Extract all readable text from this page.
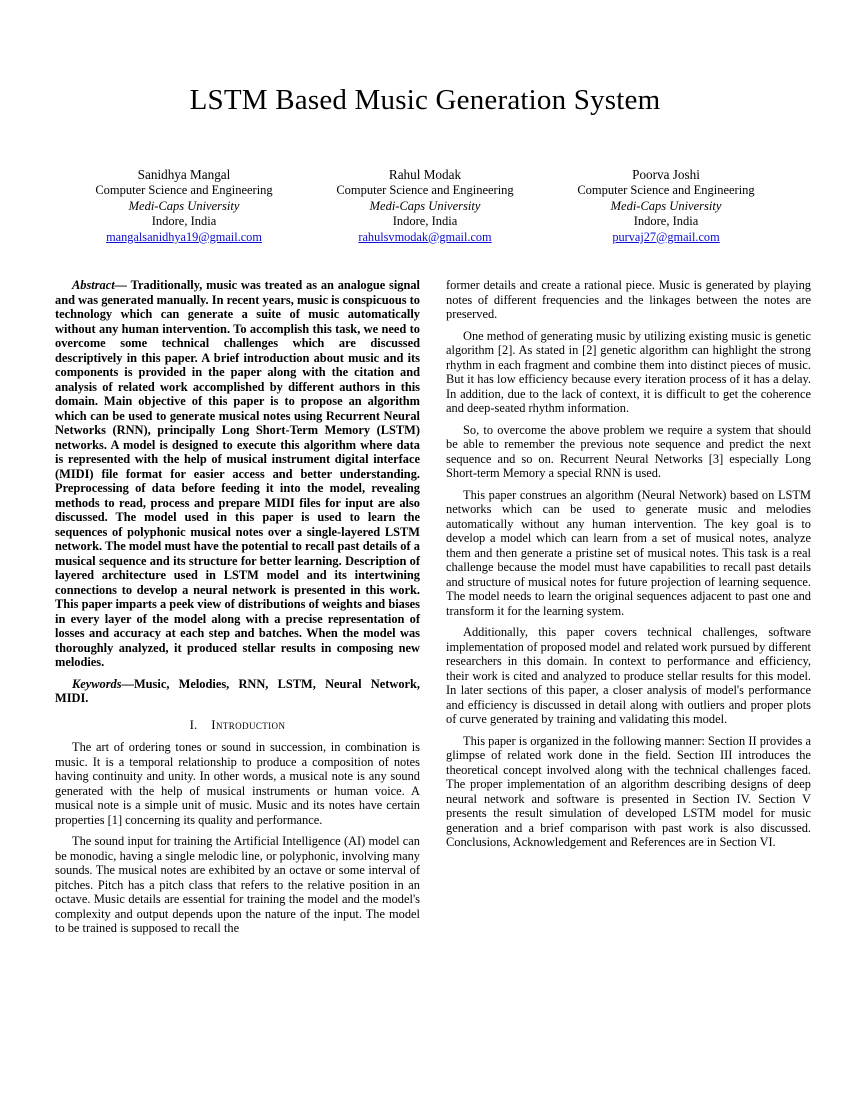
LSTM Based Music Generation System
Sanidhya Mangal
Computer Science and Engineering
Medi-Caps University
Indore, India
mangalsanidhya19@gmail.com
Rahul Modak
Computer Science and Engineering
Medi-Caps University
Indore, India
rahulsvmodak@gmail.com
Poorva Joshi
Computer Science and Engineering
Medi-Caps University
Indore, India
purvaj27@gmail.com

Abstract— Traditionally, music was treated as an analogue signal and was generated manually. In recent years, music is conspicuous to technology which can generate a suite of music automatically without any human intervention. To accomplish this task, we need to overcome some technical challenges which are discussed descriptively in this paper. A brief introduction about music and its components is provided in the paper along with the citation and analysis of related work accomplished by different authors in this domain. Main objective of this paper is to propose an algorithm which can be used to generate musical notes using Recurrent Neural Networks (RNN), principally Long Short-Term Memory (LSTM) networks. A model is designed to execute this algorithm where data is represented with the help of musical instrument digital interface (MIDI) file format for easier access and better understanding. Preprocessing of data before feeding it into the model, revealing methods to read, process and prepare MIDI files for input are also discussed. The model used in this paper is used to learn the sequences of polyphonic musical notes over a single-layered LSTM network. The model must have the potential to recall past details of a musical sequence and its structure for better learning. Description of layered architecture used in LSTM model and its intertwining connections to develop a neural network is presented in this work. This paper imparts a peek view of distributions of weights and biases in every layer of the model along with a precise representation of losses and accuracy at each step and batches. When the model was thoroughly analyzed, it produced stellar results in composing new melodies.

Keywords—Music, Melodies, RNN, LSTM, Neural Network, MIDI.

I. Introduction

The art of ordering tones or sound in succession, in combination is music. It is a temporal relationship to produce a composition of notes having continuity and unity. In other words, a musical note is any sound generated with the help of musical instruments or human voice. A musical note is a simple unit of music. Music and its notes have certain properties [1] concerning its quality and performance.

The sound input for training the Artificial Intelligence (AI) model can be monodic, having a single melodic line, or polyphonic, involving many sounds. The musical notes are exhibited by an octave or some interval of pitches. Pitch has a pitch class that refers to the relative position in an octave. Music details are essential for training the model and the model's complexity and output depends upon the nature of the input. The model to be trained is supposed to recall the

former details and create a rational piece. Music is generated by playing notes of different frequencies and the linkages between the notes are preserved.

One method of generating music by utilizing existing music is genetic algorithm [2]. As stated in [2] genetic algorithm can highlight the strong rhythm in each fragment and combine them into distinct pieces of music. But it has low efficiency because every iteration process of it has a delay. In addition, due to the lack of context, it is difficult to get the coherence and deep-seated rhythm information.

So, to overcome the above problem we require a system that should be able to remember the previous note sequence and predict the next sequence and so on. Recurrent Neural Networks [3] especially Long Short-term Memory a special RNN is used.

This paper construes an algorithm (Neural Network) based on LSTM networks which can be used to generate music and melodies automatically without any human intervention. The key goal is to develop a model which can learn from a set of musical notes, analyze them and then generate a pristine set of musical notes. This task is a real challenge because the model must have capabilities to recall past details and structure of musical notes for future projection of learning sequence. The model needs to learn the original sequences adjacent to past one and transform it for the learning system.

Additionally, this paper covers technical challenges, software implementation of proposed model and related work pursued by different researchers in this domain. In context to performance and efficiency, their work is cited and analyzed to produce stellar results for this model. In later sections of this paper, a closer analysis of model's performance and efficiency is discussed in detail along with outliers and proper plots of curve generated by training and validating this model.

This paper is organized in the following manner: Section II provides a glimpse of related work done in the field. Section III introduces the theoretical concept involved along with the technical challenges faced. The proper implementation of an algorithm describing designs of deep neural network and software is presented in Section IV. Section V presents the result simulation of developed LSTM model for music generation and a brief comparison with past work is also discussed. Conclusions, Acknowledgement and References are in Section VI.
